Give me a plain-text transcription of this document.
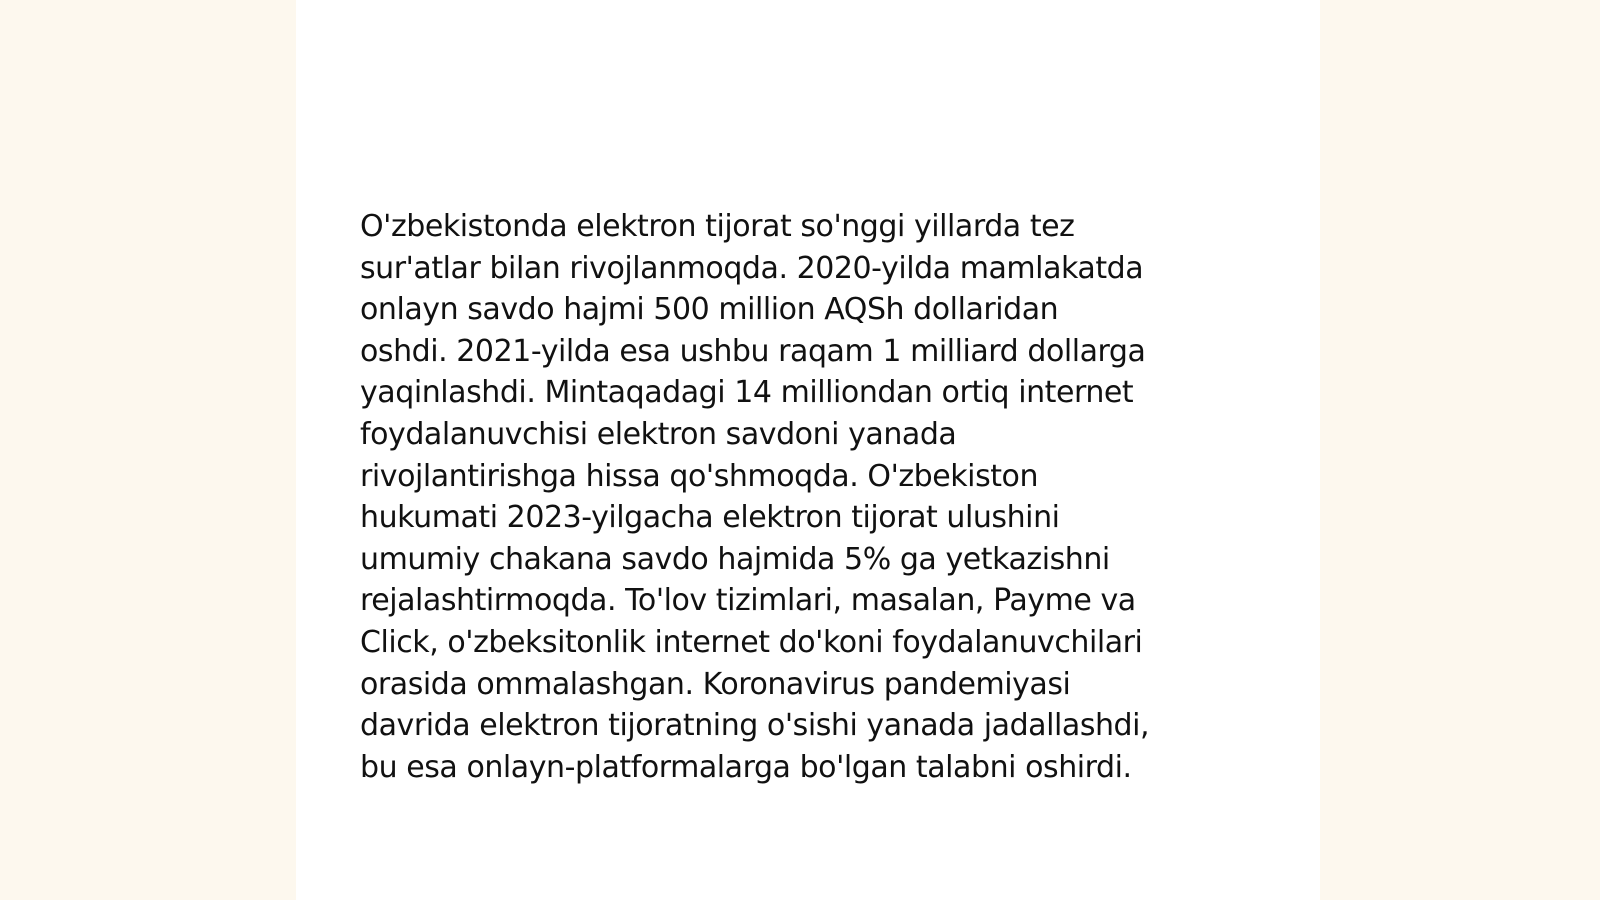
O'zbekistonda elektron tijorat so'nggi yillarda tez
sur'atlar bilan rivojlanmoqda. 2020-yilda mamlakatda
onlayn savdo hajmi 500 million AQSh dollaridan
oshdi. 2021-yilda esa ushbu raqam 1 milliard dollarga
yaqinlashdi. Mintaqadagi 14 milliondan ortiq internet
foydalanuvchisi elektron savdoni yanada
rivojlantirishga hissa qo'shmoqda. O'zbekiston
hukumati 2023-yilgacha elektron tijorat ulushini
umumiy chakana savdo hajmida 5% ga yetkazishni
rejalashtirmoqda. To'lov tizimlari, masalan, Payme va
Click, o'zbeksitonlik internet do'koni foydalanuvchilari
orasida ommalashgan. Koronavirus pandemiyasi
davrida elektron tijoratning o'sishi yanada jadallashdi,
bu esa onlayn-platformalarga bo'lgan talabni oshirdi.
